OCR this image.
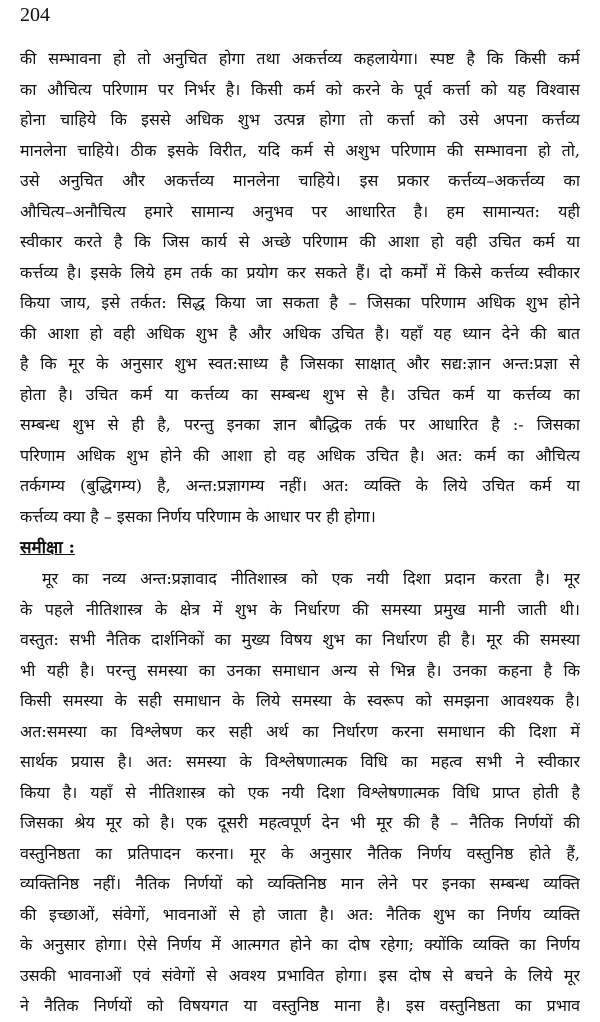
204
की सम्भावना हो तो अनुचित होगा तथा अकर्त्तव्य कहलायेगा। स्पष्ट है कि किसी कर्म
का औचित्य परिणाम पर निर्भर है। किसी कर्म को करने के पूर्व कर्त्ता को यह विश्वास
होना चाहिये कि इससे अधिक शुभ उत्पन्न होगा तो कर्त्ता को उसे अपना कर्त्तव्य
मानलेना चाहिये। ठीक इसके विरीत, यदि कर्म से अशुभ परिणाम की सम्भावना हो तो,
उसे अनुचित और अकर्त्तव्य मानलेना चाहिये। इस प्रकार कर्त्तव्य–अकर्त्तव्य का
औचित्य–अनौचित्य हमारे सामान्य अनुभव पर आधारित है। हम सामान्यत: यही
स्वीकार करते है कि जिस कार्य से अच्छे परिणाम की आशा हो वही उचित कर्म या
कर्त्तव्य है। इसके लिये हम तर्क का प्रयोग कर सकते हैं। दो कर्मों में किसे कर्त्तव्य स्वीकार
किया जाय, इसे तर्कत: सिद्ध किया जा सकता है – जिसका परिणाम अधिक शुभ होने
की आशा हो वही अधिक शुभ है और अधिक उचित है। यहाँ यह ध्यान देने की बात
है कि मूर के अनुसार शुभ स्वत:साध्य है जिसका साक्षात् और सद्य:ज्ञान अन्त:प्रज्ञा से
होता है। उचित कर्म या कर्त्तव्य का सम्बन्ध शुभ से है। उचित कर्म या कर्त्तव्य का
सम्बन्ध शुभ से ही है, परन्तु इनका ज्ञान बौद्धिक तर्क पर आधारित है :- जिसका
परिणाम अधिक शुभ होने की आशा हो वह अधिक उचित है। अत: कर्म का औचित्य
तर्कगम्य (बुद्धिगम्य) है, अन्त:प्रज्ञागम्य नहीं। अत: व्यक्ति के लिये उचित कर्म या
कर्त्तव्य क्या है – इसका निर्णय परिणाम के आधार पर ही होगा।
समीक्षा :
मूर का नव्य अन्त:प्रज्ञावाद नीतिशास्त्र को एक नयी दिशा प्रदान करता है। मूर
के पहले नीतिशास्त्र के क्षेत्र में शुभ के निर्धारण की समस्या प्रमुख मानी जाती थी।
वस्तुत: सभी नैतिक दार्शनिकों का मुख्य विषय शुभ का निर्धारण ही है। मूर की समस्या
भी यही है। परन्तु समस्या का उनका समाधान अन्य से भिन्न है। उनका कहना है कि
किसी समस्या के सही समाधान के लिये समस्या के स्वरूप को समझना आवश्यक है।
अत:समस्या का विश्लेषण कर सही अर्थ का निर्धारण करना समाधान की दिशा में
सार्थक प्रयास है। अत: समस्या के विश्लेषणात्मक विधि का महत्व सभी ने स्वीकार
किया है। यहाँ से नीतिशास्त्र को एक नयी दिशा विश्लेषणात्मक विधि प्राप्त होती है
जिसका श्रेय मूर को है। एक दूसरी महत्वपूर्ण देन भी मूर की है – नैतिक निर्णयों की
वस्तुनिष्ठता का प्रतिपादन करना। मूर के अनुसार नैतिक निर्णय वस्तुनिष्ठ होते हैं,
व्यक्तिनिष्ठ नहीं। नैतिक निर्णयों को व्यक्तिनिष्ठ मान लेने पर इनका सम्बन्ध व्यक्ति
की इच्छाओं, संवेगों, भावनाओं से हो जाता है। अत: नैतिक शुभ का निर्णय व्यक्ति
के अनुसार होगा। ऐसे निर्णय में आत्मगत होने का दोष रहेगा; क्योंकि व्यक्ति का निर्णय
उसकी भावनाओं एवं संवेगों से अवश्य प्रभावित होगा। इस दोष से बचने के लिये मूर
ने नैतिक निर्णयों को विषयगत या वस्तुनिष्ठ माना है। इस वस्तुनिष्ठता का प्रभाव
